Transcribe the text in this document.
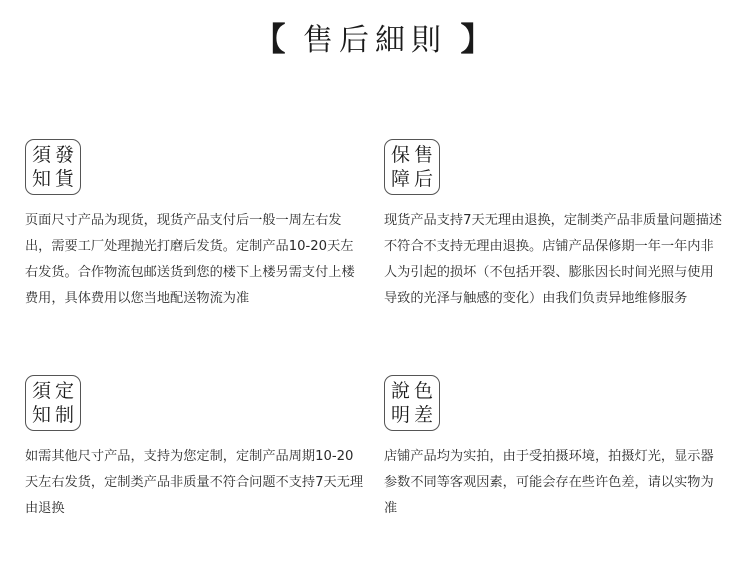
【 售后細則 】
須 發
知 貨

页面尺寸产品为现货，现货产品支付后一般一周左右发出，需要工厂处理抛光打磨后发货。定制产品10-20天左右发货。合作物流包邮送货到您的楼下上楼另需支付上楼费用，具体费用以您当地配送物流为准

保 售
障 后

现货产品支持7天无理由退换，定制类产品非质量问题描述不符合不支持无理由退换。店铺产品保修期一年一年内非人为引起的损坏（不包括开裂、膨胀因长时间光照与使用导致的光泽与触感的变化）由我们负责异地维修服务

須 定
知 制

如需其他尺寸产品，支持为您定制，定制产品周期10-20天左右发货，定制类产品非质量不符合问题不支持7天无理由退换

說 色
明 差

店铺产品均为实拍，由于受拍摄环境，拍摄灯光，显示器参数不同等客观因素，可能会存在些许色差，请以实物为准
